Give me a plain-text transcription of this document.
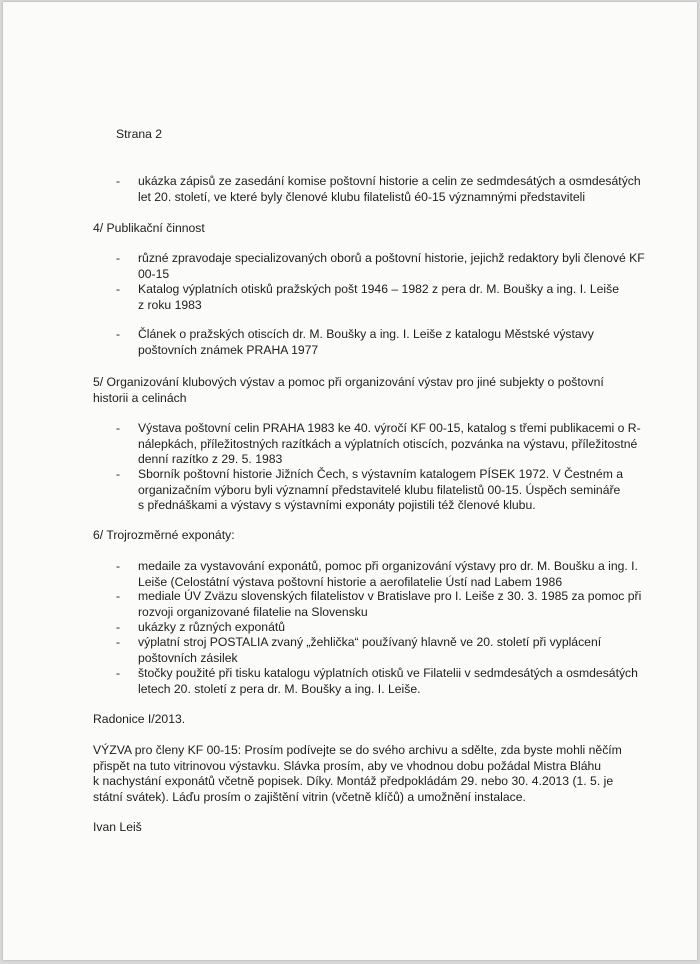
Strana 2
- ukázka zápisů ze zasedání komise poštovní historie a celin ze sedmdesátých a osmdesátých
let 20. století, ve které byly členové klubu filatelistů é0-15 významnými představiteli
4/ Publikační činnost
- různé zpravodaje specializovaných oborů a poštovní historie, jejichž redaktory byli členové KF
00-15
- Katalog výplatních otisků pražských pošt 1946 – 1982 z pera dr. M. Boušky a ing. I. Leiše
z roku 1983
- Článek o pražských otiscích dr. M. Boušky a ing. I. Leiše z katalogu Městské výstavy
poštovních známek PRAHA 1977
5/ Organizování klubových výstav a pomoc při organizování výstav pro jiné subjekty o poštovní
historii a celinách
- Výstava poštovní celin PRAHA 1983 ke 40. výročí KF 00-15, katalog s třemi publikacemi o R-
nálepkách, příležitostných razítkách a výplatních otiscích, pozvánka na výstavu, příležitostné
denní razítko z 29. 5. 1983
- Sborník poštovní historie Jižních Čech, s výstavním katalogem PÍSEK 1972. V Čestném a
organizačním výboru byli významní představitelé klubu filatelistů 00-15. Úspěch semináře
s přednáškami a výstavy s výstavními exponáty pojistili též členové klubu.
6/ Trojrozměrné exponáty:
- medaile za vystavování exponátů, pomoc při organizování výstavy pro dr. M. Boušku a ing. I.
Leiše (Celostátní výstava poštovní historie a aerofilatelie Ústí nad Labem 1986
- mediale ÚV Zväzu slovenských filatelistov v Bratislave pro I. Leiše z 30. 3. 1985 za pomoc při
rozvoji organizované filatelie na Slovensku
- ukázky z různých exponátů
- výplatní stroj POSTALIA zvaný „žehlička“ používaný hlavně ve 20. století při vyplácení
poštovních zásilek
- štočky použité při tisku katalogu výplatních otisků ve Filatelii v sedmdesátých a osmdesátých
letech 20. století z pera dr. M. Boušky a ing. I. Leiše.
Radonice I/2013.
VÝZVA pro členy KF 00-15: Prosím podívejte se do svého archivu a sdělte, zda byste mohli něčím
přispět na tuto vitrinovou výstavku. Slávka prosím, aby ve vhodnou dobu požádal Mistra Bláhu
k nachystání exponátů včetně popisek. Díky. Montáž předpokládám 29. nebo 30. 4.2013 (1. 5. je
státní svátek). Láďu prosím o zajištění vitrin (včetně klíčů) a umožnění instalace.
Ivan Leiš
